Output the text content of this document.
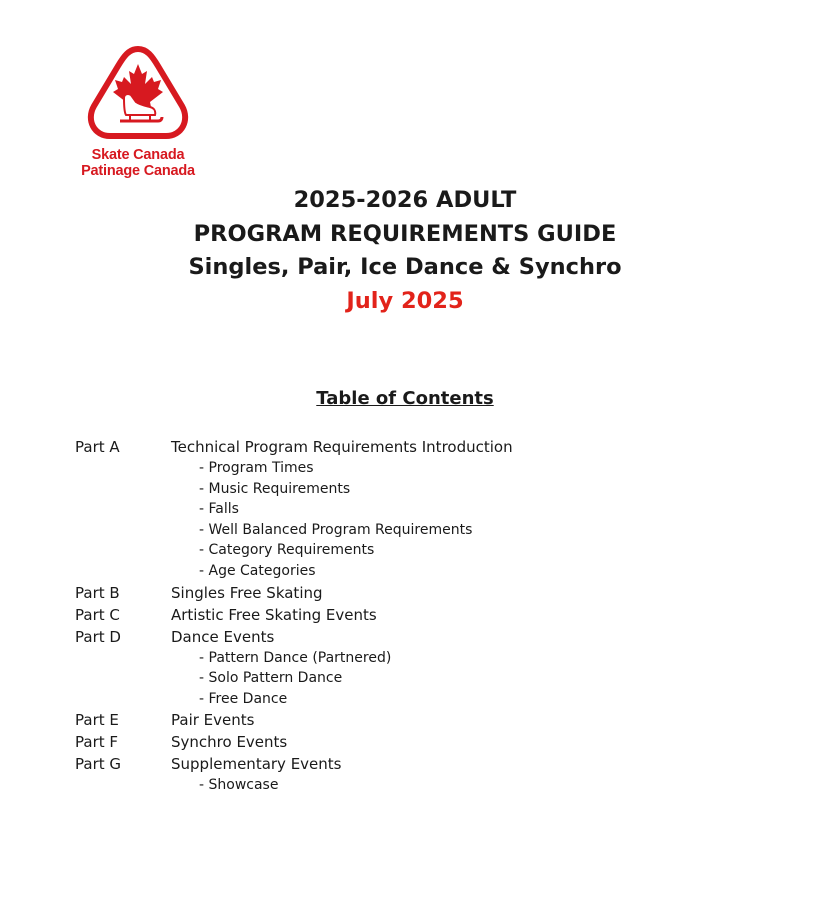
Skate Canada
Patinage Canada
2025-2026 ADULT
PROGRAM REQUIREMENTS GUIDE
Singles, Pair, Ice Dance & Synchro
July 2025
Table of Contents
Part A	Technical Program Requirements Introduction
- Program Times
- Music Requirements
- Falls
- Well Balanced Program Requirements
- Category Requirements
- Age Categories
Part B	Singles Free Skating
Part C	Artistic Free Skating Events
Part D	Dance Events
- Pattern Dance (Partnered)
- Solo Pattern Dance
- Free Dance
Part E	Pair Events
Part F	Synchro Events
Part G	Supplementary Events
- Showcase
